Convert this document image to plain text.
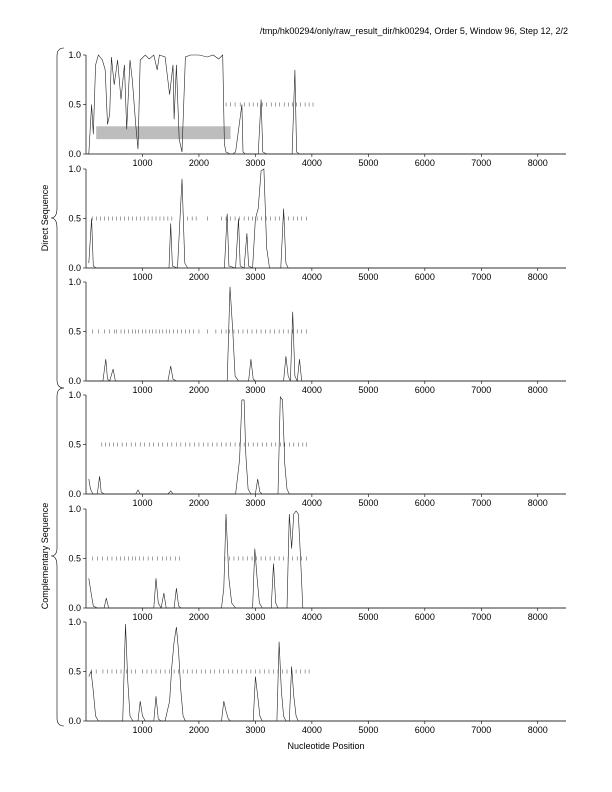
/tmp/hk00294/only/raw_result_dir/hk00294, Order 5, Window 96, Step 12, 2/2
Direct Sequence
Complementary Sequence
Nucleotide Position
0.0
0.5
1.0
1000	2000	3000	4000	5000	6000	7000	8000
0.0
0.5
1.0
1000	2000	3000	4000	5000	6000	7000	8000
0.0
0.5
1.0
1000	2000	3000	4000	5000	6000	7000	8000
0.0
0.5
1.0
1000	2000	3000	4000	5000	6000	7000	8000
0.0
0.5
1.0
1000	2000	3000	4000	5000	6000	7000	8000
0.0
0.5
1.0
1000	2000	3000	4000	5000	6000	7000	8000
